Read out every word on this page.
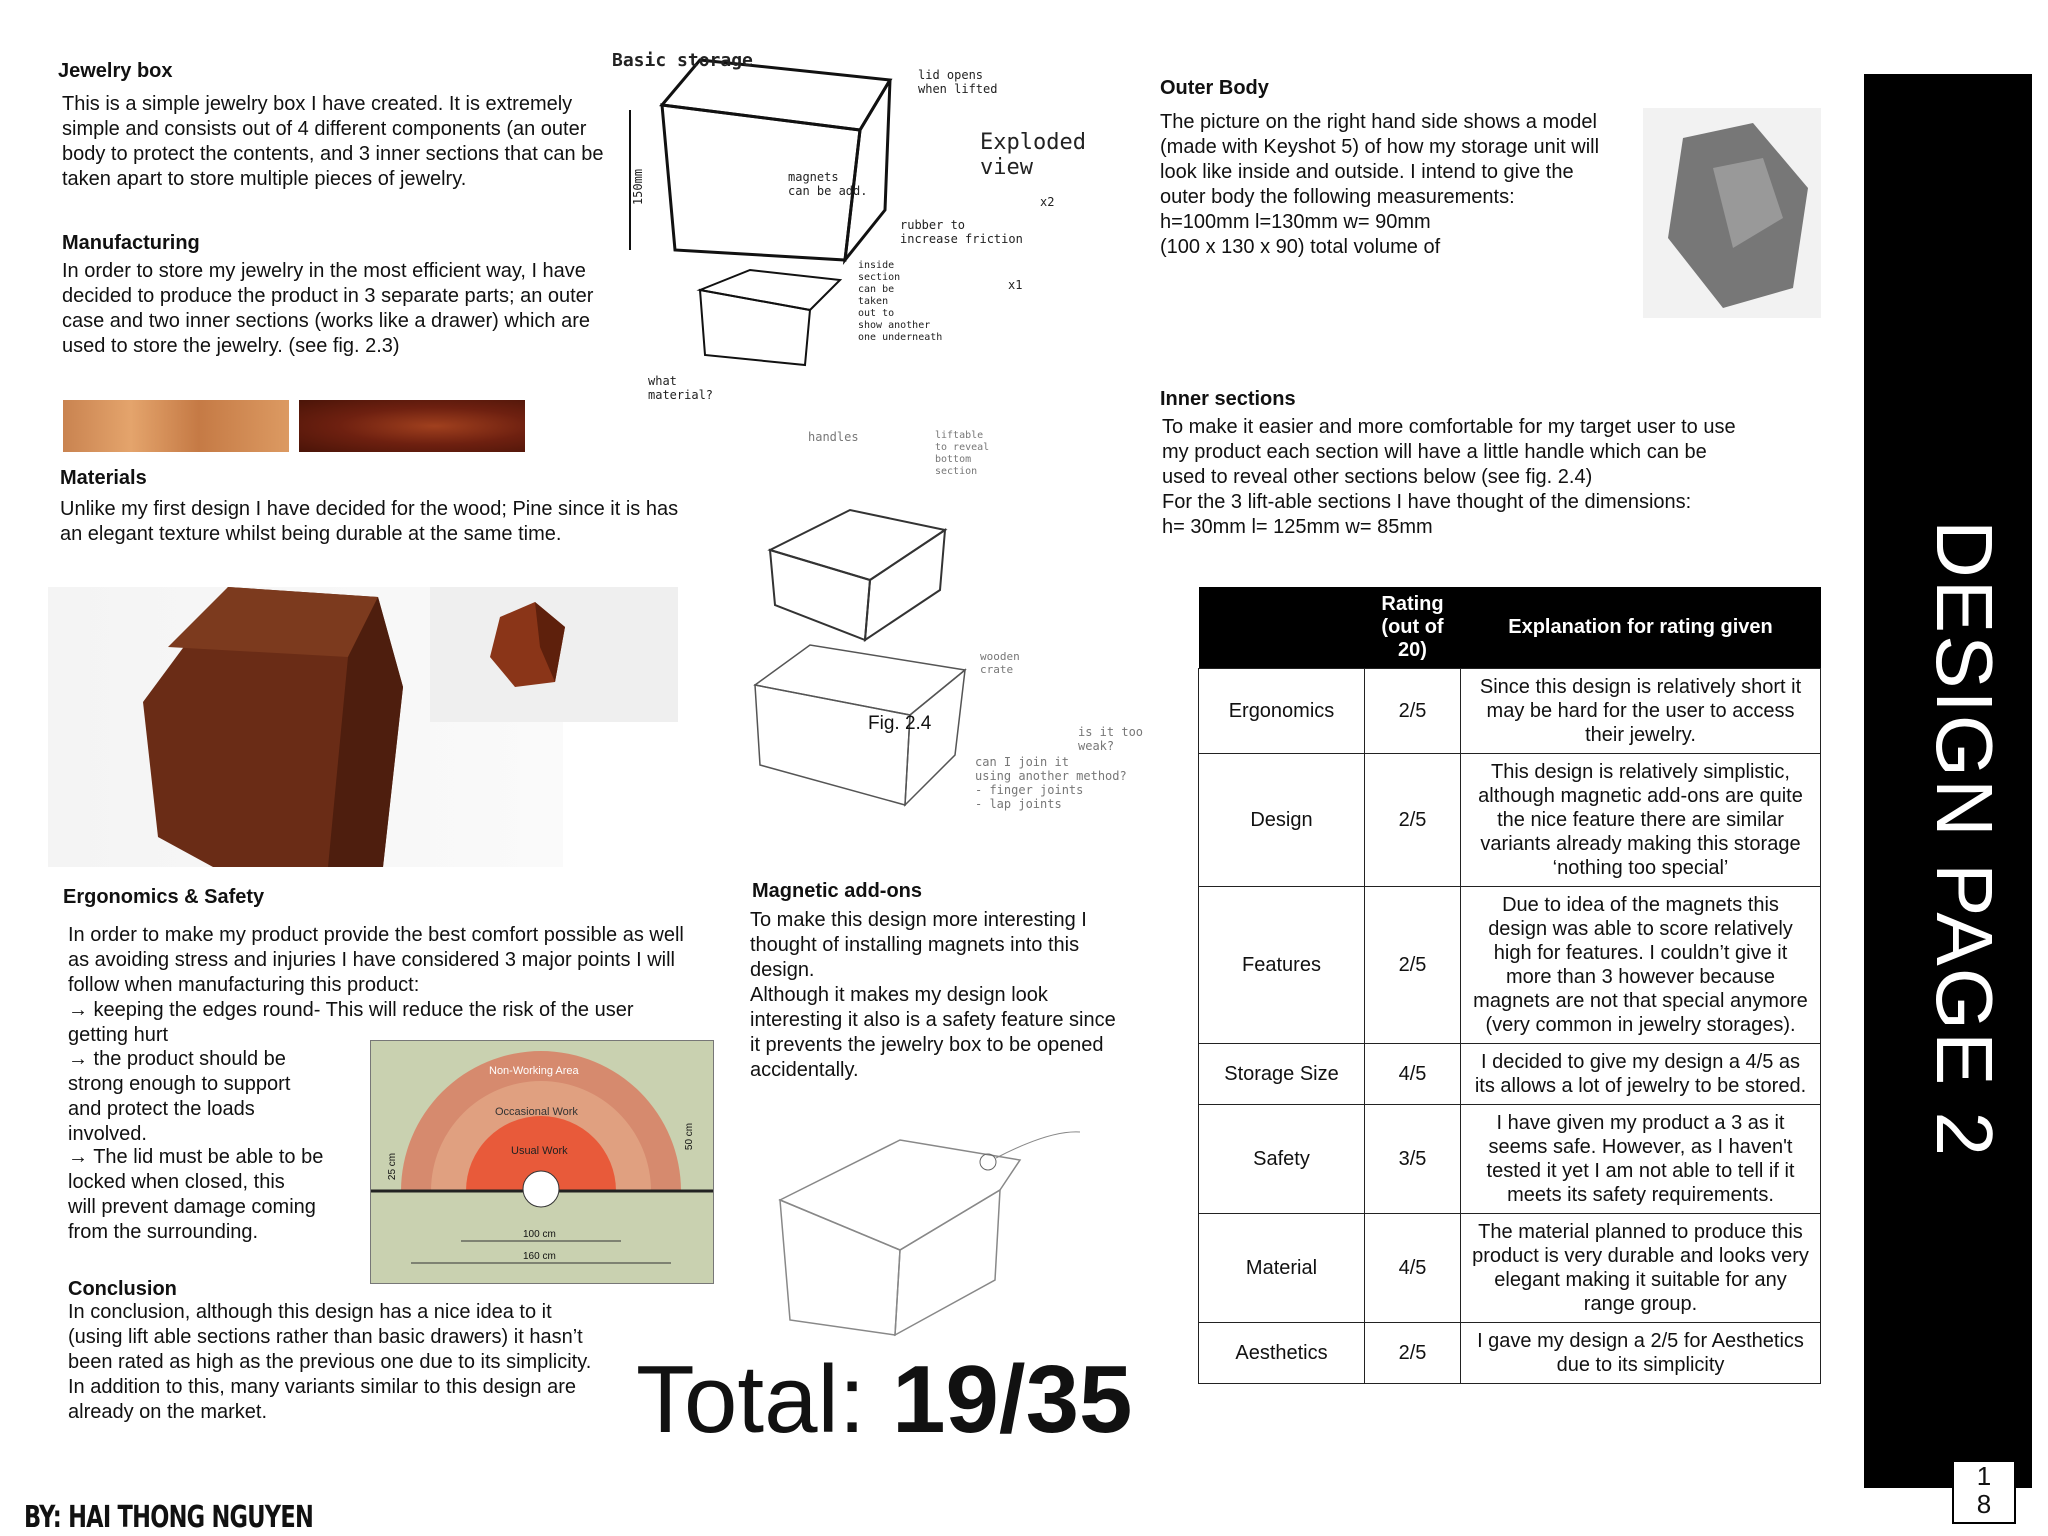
Jewelry box
This is a simple jewelry box I have created. It is extremely simple and consists out of 4 different components (an outer body to protect the contents, and 3 inner sections that can be taken apart to store multiple pieces of jewelry.
Manufacturing
In order to store my jewelry in the most efficient way, I have decided to produce the product in 3 separate parts; an outer case and two inner sections (works like a drawer) which are used to store the jewelry. (see fig. 2.3)
Materials
Unlike my first design I have decided for the wood; Pine since it is has an elegant texture whilst being durable at the same time.
Ergonomics & Safety
In order to make my product provide the best comfort possible as well as avoiding stress and injuries I have considered 3 major points I will follow when manufacturing this product:
→ keeping the edges round- This will reduce the risk of the user getting hurt
→ the product should be
strong enough to support
and protect the loads
involved.
→ The lid must be able to be
locked when closed, this
will prevent damage coming
from the surrounding.
Non-Working Area
Occasional Work
Usual Work
25 cm
50 cm
100 cm
160 cm
Conclusion
In conclusion, although this design has a nice idea to it
(using lift able sections rather than basic drawers) it hasn’t
been rated as high as the previous one due to its simplicity.
In addition to this, many variants similar to this design are
already on the market.
BY: HAI THONG NGUYEN
Basic storage
lid opens
when lifted
Exploded
view
150mm	magnets
can be add.
rubber to
increase friction
x2
x1
inside
section
can be
taken
out to
show another
one underneath
what
material?
handles	liftable
to reveal
bottom
section
wooden
crate
Fig. 2.4	is it too
weak?
can I join it
using another method?
- finger joints
- lap joints
Magnetic add-ons
To make this design more interesting I
thought of installing magnets into this
design.
Although it makes my design look
interesting it also is a safety feature since
it prevents the jewelry box to be opened
accidentally.
Total: 19/35
Outer Body
The picture on the right hand side shows a model
(made with Keyshot 5) of how my storage unit will
look like inside and outside. I intend to give the
outer body the following measurements:
h=100mm l=130mm w= 90mm
(100 x 130 x 90) total volume of
Inner sections
To make it easier and more comfortable for my target user to use
my product each section will have a little handle which can be
used to reveal other sections below (see fig. 2.4)
For the 3 lift-able sections I have thought of the dimensions:
h= 30mm l= 125mm w= 85mm
	Rating
(out of
20)	Explanation for rating given
Ergonomics	2/5	Since this design is relatively short it may be hard for the user to access their jewelry.
Design	2/5	This design is relatively simplistic, although magnetic add-ons are quite the nice feature there are similar variants already making this storage ‘nothing too special’
Features	2/5	Due to idea of the magnets this design was able to score relatively high for features. I couldn’t give it more than 3 however because magnets are not that special anymore (very common in jewelry storages).
Storage Size	4/5	I decided to give my design a 4/5 as its allows a lot of jewelry to be stored.
Safety	3/5	I have given my product a 3 as it seems safe. However, as I haven't tested it yet I am not able to tell if it meets its safety requirements.
Material	4/5	The material planned to produce this product is very durable and looks very elegant making it suitable for any range group.
Aesthetics	2/5	I gave my design a 2/5 for Aesthetics due to its simplicity
DESIGN PAGE 2
18
